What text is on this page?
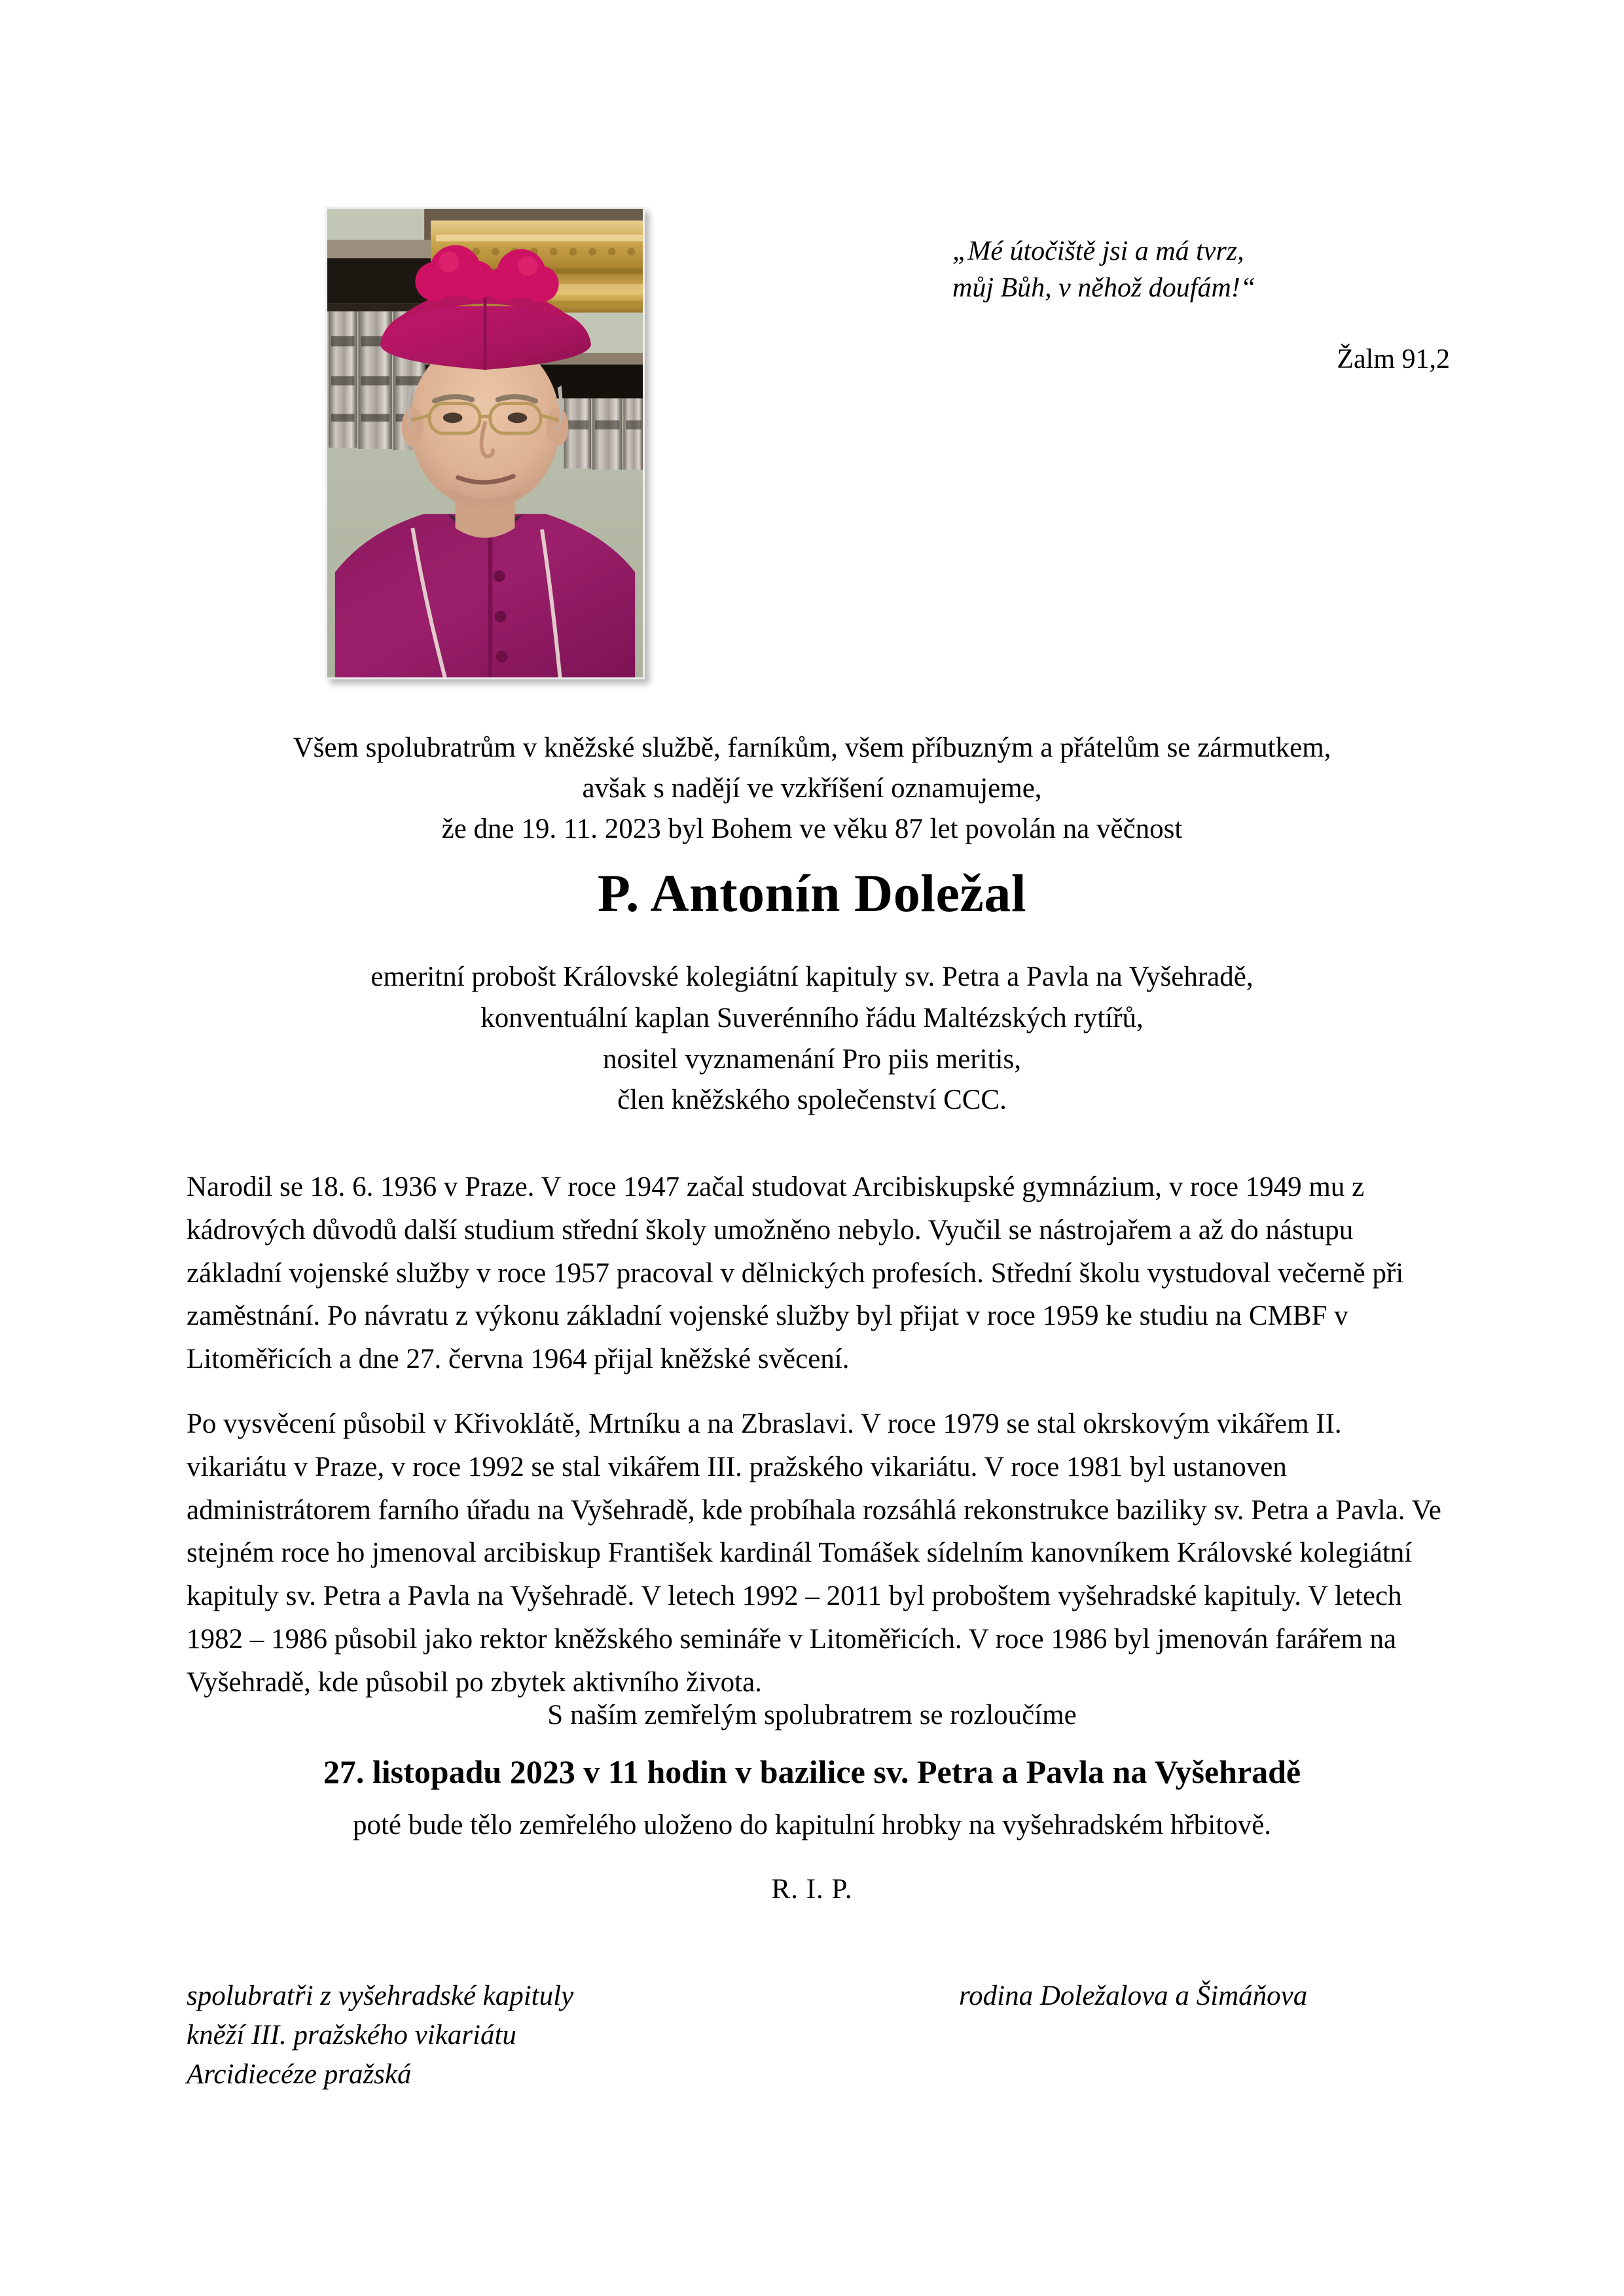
„Mé útočiště jsi a má tvrz,
můj Bůh, v něhož doufám!“
Žalm 91,2
Všem spolubratrům v kněžské službě, farníkům, všem příbuzným a přátelům se zármutkem,
avšak s nadějí ve vzkříšení oznamujeme,
že dne 19. 11. 2023 byl Bohem ve věku 87 let povolán na věčnost
P. Antonín Doležal
emeritní probošt Královské kolegiátní kapituly sv. Petra a Pavla na Vyšehradě,
konventuální kaplan Suverénního řádu Maltézských rytířů,
nositel vyznamenání Pro piis meritis,
člen kněžského společenství CCC.

Narodil se 18. 6. 1936 v Praze. V roce 1947 začal studovat Arcibiskupské gymnázium, v roce 1949 mu z kádrových důvodů další studium střední školy umožněno nebylo. Vyučil se nástrojařem a až do nástupu základní vojenské služby v roce 1957 pracoval v dělnických profesích. Střední školu vystudoval večerně při zaměstnání. Po návratu z výkonu základní vojenské služby byl přijat v roce 1959 ke studiu na CMBF v Litoměřicích a dne 27. června 1964 přijal kněžské svěcení.

Po vysvěcení působil v Křivoklátě, Mrtníku a na Zbraslavi. V roce 1979 se stal okrskovým vikářem II. vikariátu v Praze, v roce 1992 se stal vikářem III. pražského vikariátu. V roce 1981 byl ustanoven administrátorem farního úřadu na Vyšehradě, kde probíhala rozsáhlá rekonstrukce baziliky sv. Petra a Pavla. Ve stejném roce ho jmenoval arcibiskup František kardinál Tomášek sídelním kanovníkem Královské kolegiátní kapituly sv. Petra a Pavla na Vyšehradě. V letech 1992 – 2011 byl proboštem vyšehradské kapituly. V letech 1982 – 1986 působil jako rektor kněžského semináře v Litoměřicích. V roce 1986 byl jmenován farářem na Vyšehradě, kde působil po zbytek aktivního života.

S naším zemřelým spolubratrem se rozloučíme
27. listopadu 2023 v 11 hodin v bazilice sv. Petra a Pavla na Vyšehradě
poté bude tělo zemřelého uloženo do kapitulní hrobky na vyšehradském hřbitově.
R. I. P.
spolubratři z vyšehradské kapituly
kněží III. pražského vikariátu
Arcidiecéze pražská
rodina Doležalova a Šimáňova
